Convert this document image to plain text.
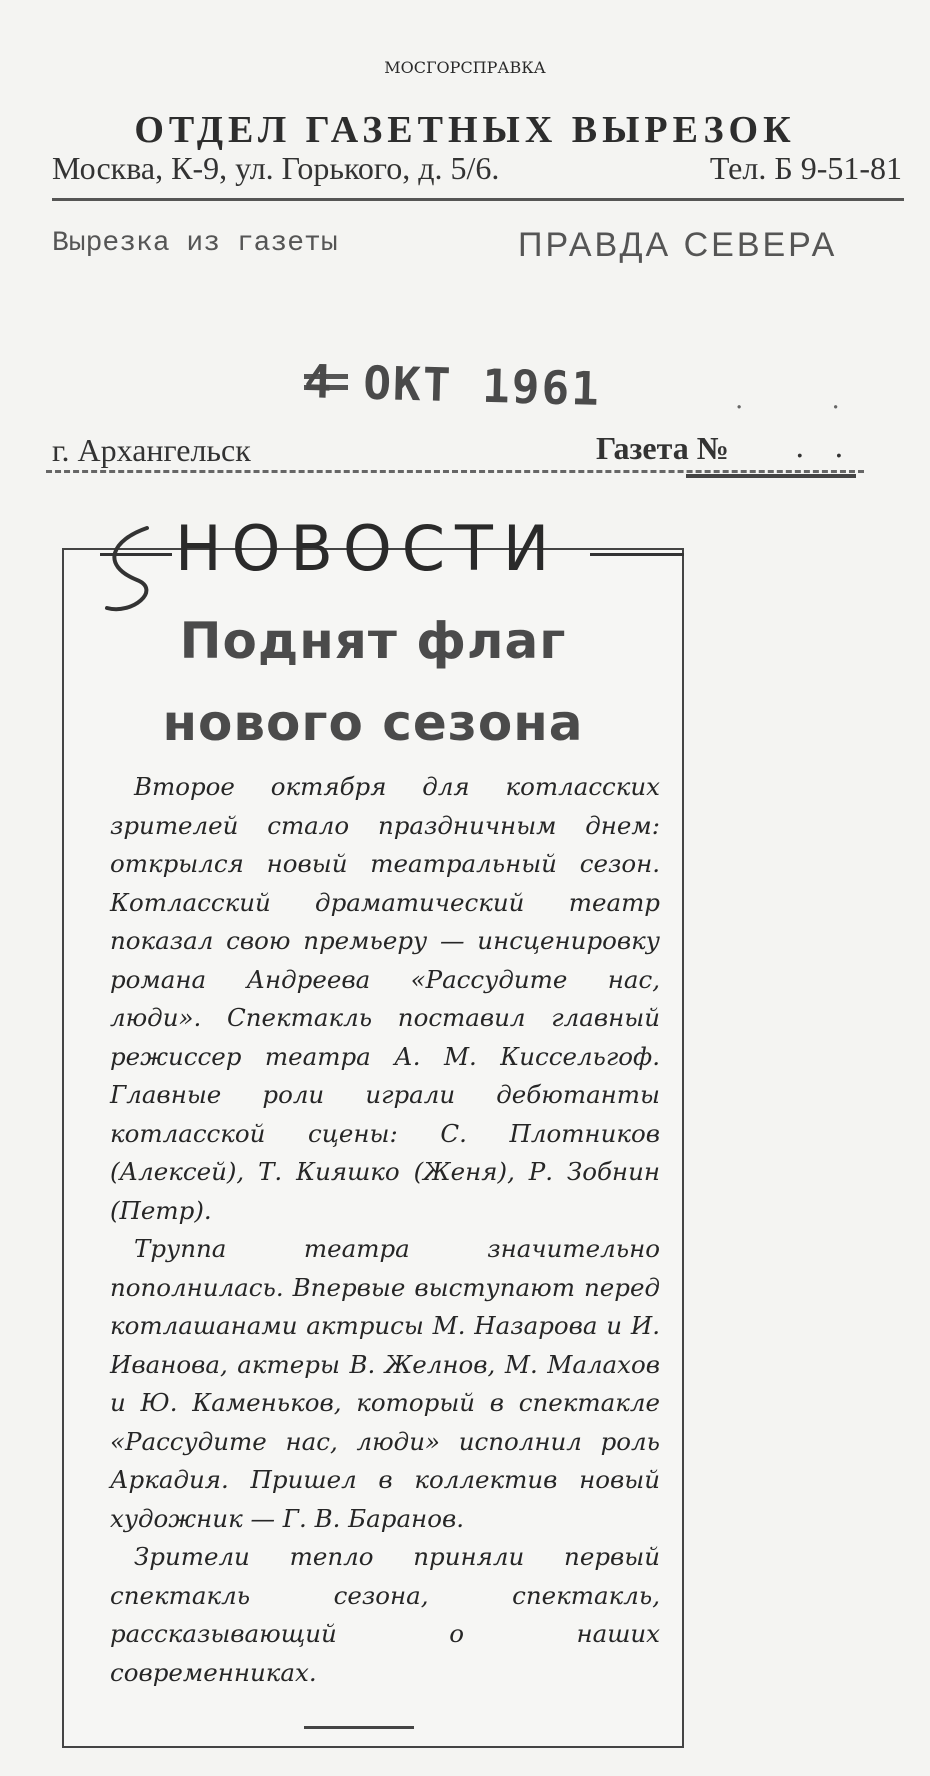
МОСГОРСПРАВКА
ОТДЕЛ ГАЗЕТНЫХ ВЫРЕЗОК
Москва, К-9, ул. Горького, д. 5/6.	Тел. Б 9-51-81
Вырезка из газеты	ПРАВДА СЕВЕРА
4 ОКТ 1961	. .
г. Архангельск	Газета № . .
НОВОСТИ
Поднят флаг
нового сезона

Второе октября для котласских зрителей стало праздничным днем: открылся новый театральный сезон. Котласский драматический театр показал свою премьеру — инсценировку романа Андреева «Рассудите нас, люди». Спектакль поставил главный режиссер театра А. М. Киссельгоф. Главные роли играли дебютанты котласской сцены: С. Плотников (Алексей), Т. Кияшко (Женя), Р. Зобнин (Петр).

Труппа театра значительно пополнилась. Впервые выступают перед котлашанами актрисы М. Назарова и И. Иванова, актеры В. Желнов, М. Малахов и Ю. Каменьков, который в спектакле «Рассудите нас, люди» исполнил роль Аркадия. Пришел в коллектив новый художник — Г. В. Баранов.

Зрители тепло приняли первый спектакль сезона, спектакль, рассказывающий о наших современниках.
